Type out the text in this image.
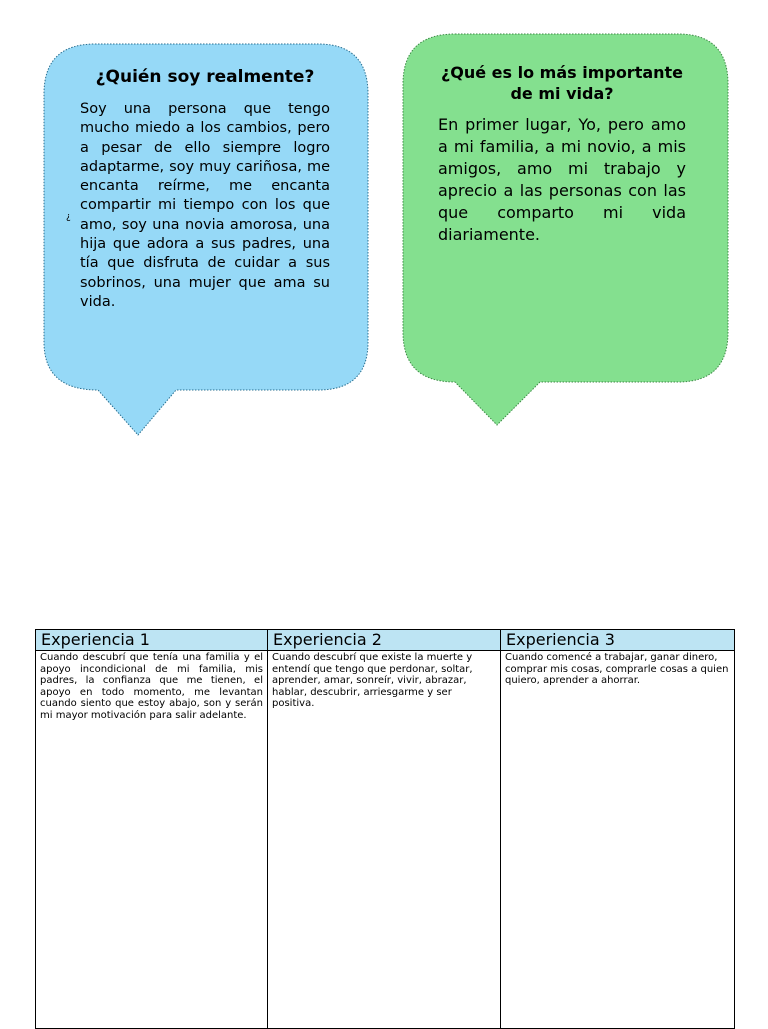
¿Quién soy realmente?

Soy una persona que tengo mucho miedo a los cambios, pero a pesar de ello siempre logro adaptarme, soy muy cariñosa, me encanta reírme, me encanta compartir mi tiempo con los que amo, soy una novia amorosa, una hija que adora a sus padres, una tía que disfruta de cuidar a sus sobrinos, una mujer que ama su vida.

¿
¿Qué es lo más importante de mi vida?

En primer lugar, Yo, pero amo a mi familia, a mi novio, a mis amigos, amo mi trabajo y aprecio a las personas con las que comparto mi vida diariamente.

Experiencia 1	Experiencia 2	Experiencia 3
Cuando descubrí que tenía una familia y el apoyo incondicional de mi familia, mis padres, la confianza que me tienen, el apoyo en todo momento, me levantan cuando siento que estoy abajo, son y serán mi mayor motivación para salir adelante.	Cuando descubrí que existe la muerte y entendí que tengo que perdonar, soltar, aprender, amar, sonreír, vivir, abrazar, hablar, descubrir, arriesgarme y ser positiva.	Cuando comencé a trabajar, ganar dinero, comprar mis cosas, comprarle cosas a quien quiero, aprender a ahorrar.
